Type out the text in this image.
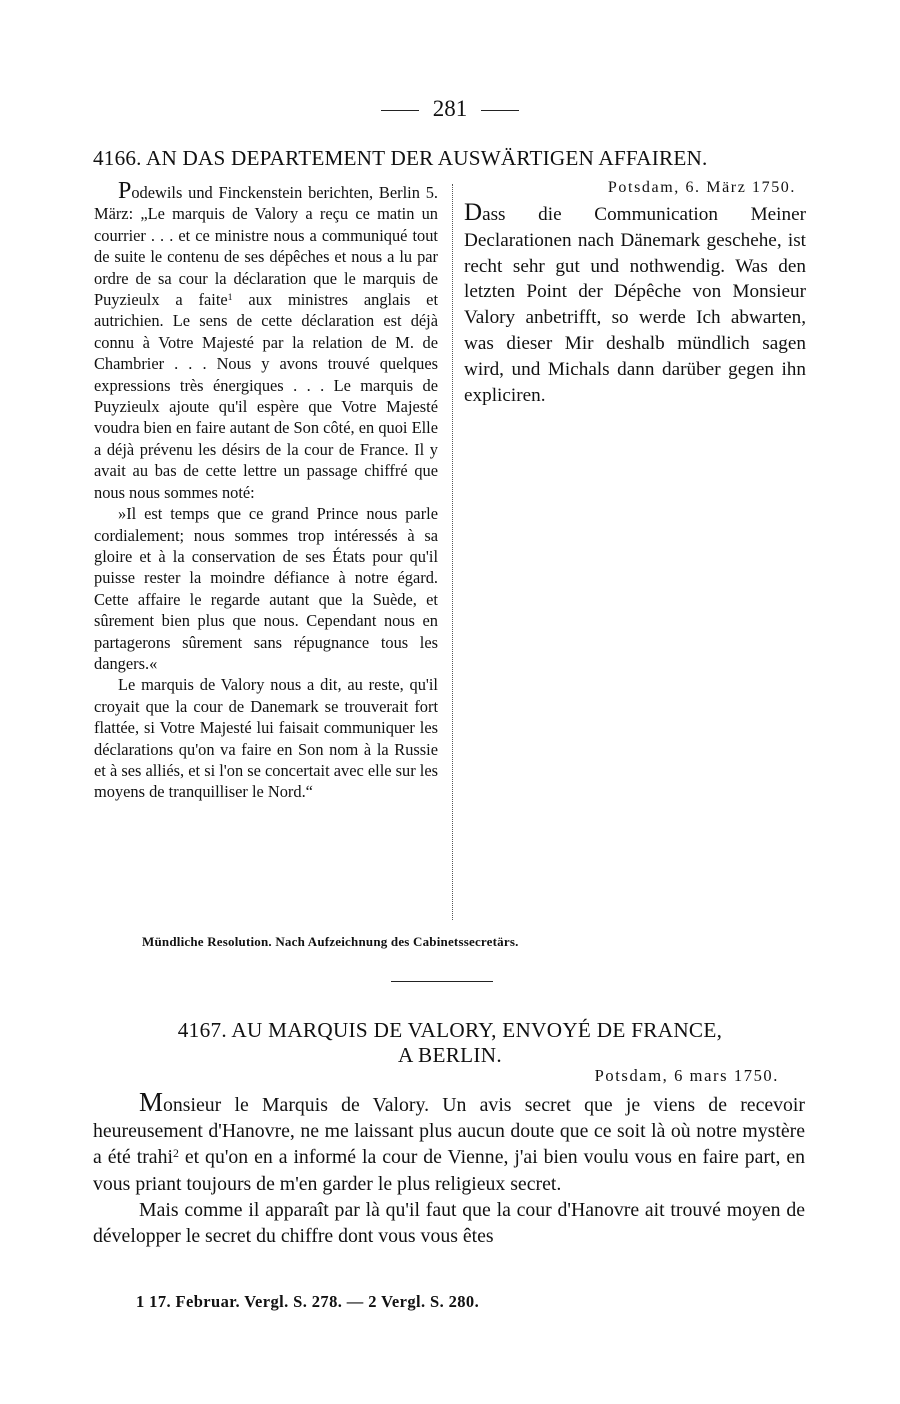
281
4166. AN DAS DEPARTEMENT DER AUSWÄRTIGEN AFFAIREN.

Podewils und Finckenstein berichten, Berlin 5. März: „Le marquis de Valory a reçu ce matin un courrier . . . et ce ministre nous a communiqué tout de suite le contenu de ses dépêches et nous a lu par ordre de sa cour la déclaration que le marquis de Puyzieulx a faite$^1$ aux ministres anglais et autrichien. Le sens de cette déclaration est déjà connu à Votre Majesté par la relation de M. de Chambrier . . . Nous y avons trouvé quelques expressions très énergiques . . . Le marquis de Puyzieulx ajoute qu'il espère que Votre Majesté voudra bien en faire autant de Son côté, en quoi Elle a déjà prévenu les désirs de la cour de France. Il y avait au bas de cette lettre un passage chiffré que nous nous sommes noté:

»Il est temps que ce grand Prince nous parle cordialement; nous sommes trop intéressés à sa gloire et à la conservation de ses États pour qu'il puisse rester la moindre défiance à notre égard. Cette affaire le regarde autant que la Suède, et sûrement bien plus que nous. Cependant nous en partagerons sûrement sans répugnance tous les dangers.«

Le marquis de Valory nous a dit, au reste, qu'il croyait que la cour de Danemark se trouverait fort flattée, si Votre Majesté lui faisait communiquer les déclarations qu'on va faire en Son nom à la Russie et à ses alliés, et si l'on se concertait avec elle sur les moyens de tranquilliser le Nord.“

Potsdam, 6. März 1750.

Dass die Communication Meiner Declarationen nach Dänemark geschehe, ist recht sehr gut und nothwendig. Was den letzten Point der Dépêche von Monsieur Valory anbetrifft, so werde Ich abwarten, was dieser Mir deshalb mündlich sagen wird, und Michals dann darüber gegen ihn expliciren.

Mündliche Resolution. Nach Aufzeichnung des Cabinetssecretärs.
4167. AU MARQUIS DE VALORY, ENVOYÉ DE FRANCE,
A BERLIN.
Potsdam, 6 mars 1750.

Monsieur le Marquis de Valory. Un avis secret que je viens de recevoir heureusement d'Hanovre, ne me laissant plus aucun doute que ce soit là où notre mystère a été trahi$^2$ et qu'on en a informé la cour de Vienne, j'ai bien voulu vous en faire part, en vous priant toujours de m'en garder le plus religieux secret.

Mais comme il apparaît par là qu'il faut que la cour d'Hanovre ait trouvé moyen de développer le secret du chiffre dont vous vous êtes

1 17. Februar. Vergl. S. 278. — 2 Vergl. S. 280.
